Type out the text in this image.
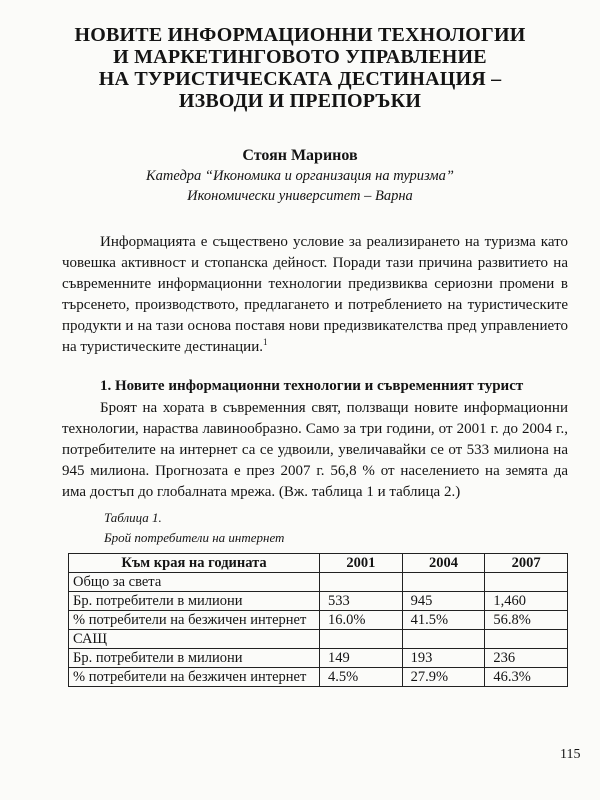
НОВИТЕ ИНФОРМАЦИОННИ ТЕХНОЛОГИИ
И МАРКЕТИНГОВОТО УПРАВЛЕНИЕ
НА ТУРИСТИЧЕСКАТА ДЕСТИНАЦИЯ –
ИЗВОДИ И ПРЕПОРЪКИ
Стоян Маринов
Катедра “Икономика и организация на туризма”
Икономически университет – Варна
Информацията е съществено условие за реализирането на туризма като човешка активност и стопанска дейност. Поради тази причина развитието на съвременните информационни технологии предизвиква сериозни промени в търсенето, производството, предлагането и потреблението на туристическите продукти и на тази основа поставя нови предизвикателства пред управлението на туристическите дестинации.$^1$
1. Новите информационни технологии и съвременният турист
Броят на хората в съвременния свят, ползващи новите информационни технологии, нараства лавинообразно. Само за три години, от 2001 г. до 2004 г., потребителите на интернет са се удвоили, увеличавайки се от 533 милиона на 945 милиона. Прогнозата е през 2007 г. 56,8 % от населението на земята да има достъп до глобалната мрежа. (Вж. таблица 1 и таблица 2.)
Таблица 1.
Брой потребители на интернет
Към края на годината	2001	2004	2007
Общо за света			
Бр. потребители в милиони	533	945	1,460
% потребители на безжичен интернет	16.0%	41.5%	56.8%
САЩ			
Бр. потребители в милиони	149	193	236
% потребители на безжичен интернет	4.5%	27.9%	46.3%
115
